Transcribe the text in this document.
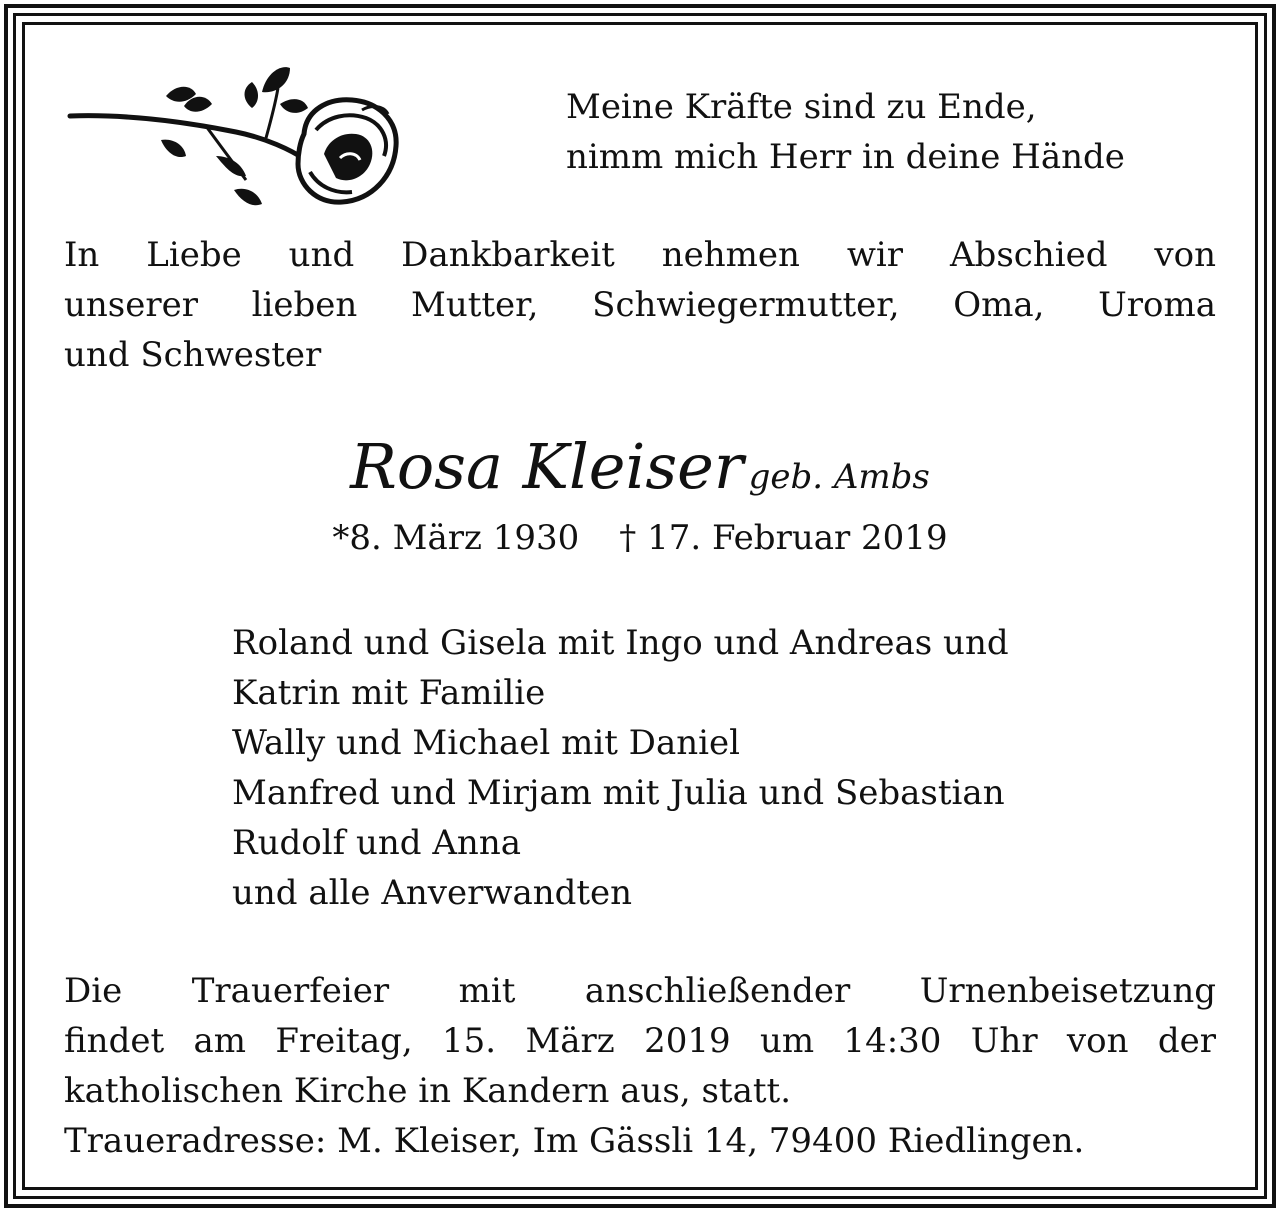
Meine Kräfte sind zu Ende,
nimm mich Herr in deine Hände
In Liebe und Dankbarkeit nehmen wir Abschied von
unserer lieben Mutter, Schwiegermutter, Oma, Uroma
und Schwester
Rosa Kleiser geb. Ambs
*8. März 1930 † 17. Februar 2019
Roland und Gisela mit Ingo und Andreas und
Katrin mit Familie
Wally und Michael mit Daniel
Manfred und Mirjam mit Julia und Sebastian
Rudolf und Anna
und alle Anverwandten
Die Trauerfeier mit anschließender Urnenbeisetzung
findet am Freitag, 15. März 2019 um 14:30 Uhr von der
katholischen Kirche in Kandern aus, statt.
Traueradresse: M. Kleiser, Im Gässli 14, 79400 Riedlingen.
